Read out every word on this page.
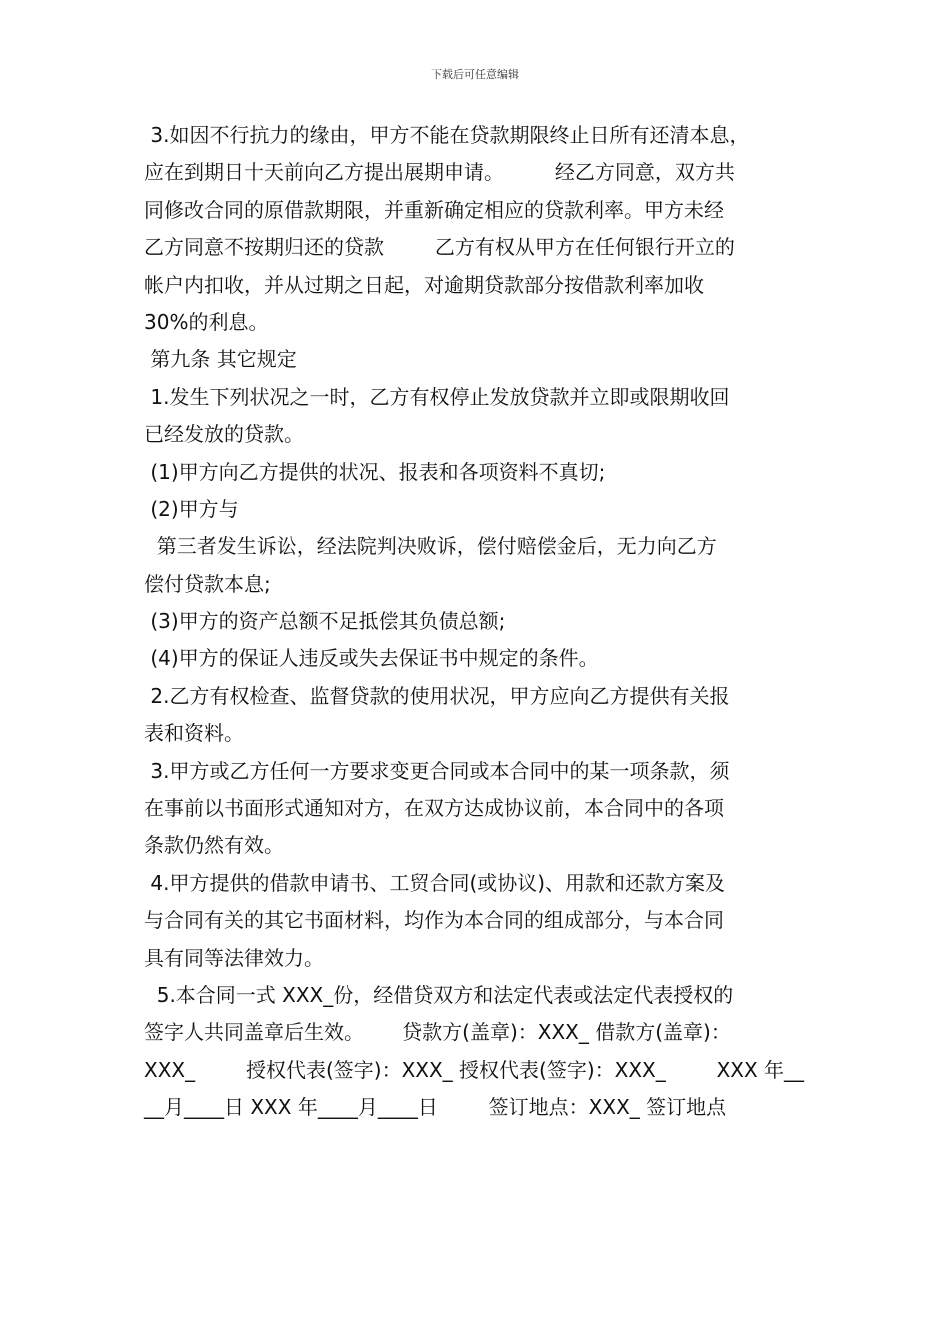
下载后可任意编辑
3.如因不行抗力的缘由，甲方不能在贷款期限终止日所有还清本息，
应在到期日十天前向乙方提出展期申请。        经乙方同意，双方共
同修改合同的原借款期限，并重新确定相应的贷款利率。甲方未经
乙方同意不按期归还的贷款        乙方有权从甲方在任何银行开立的
帐户内扣收，并从过期之日起，对逾期贷款部分按借款利率加收
30%的利息。
第九条 其它规定
1.发生下列状况之一时，乙方有权停止发放贷款并立即或限期收回
已经发放的贷款。
(1)甲方向乙方提供的状况、报表和各项资料不真切;
(2)甲方与
第三者发生诉讼，经法院判决败诉，偿付赔偿金后，无力向乙方
偿付贷款本息;
(3)甲方的资产总额不足抵偿其负债总额;
(4)甲方的保证人违反或失去保证书中规定的条件。
2.乙方有权检查、监督贷款的使用状况，甲方应向乙方提供有关报
表和资料。
3.甲方或乙方任何一方要求变更合同或本合同中的某一项条款，须
在事前以书面形式通知对方，在双方达成协议前，本合同中的各项
条款仍然有效。
4.甲方提供的借款申请书、工贸合同(或协议)、用款和还款方案及
与合同有关的其它书面材料，均作为本合同的组成部分，与本合同
具有同等法律效力。
5.本合同一式 XXX_份，经借贷双方和法定代表或法定代表授权的
签字人共同盖章后生效。      贷款方(盖章)：XXX_ 借款方(盖章)：
XXX_        授权代表(签字)：XXX_ 授权代表(签字)：XXX_        XXX 年__
__月____日 XXX 年____月____日        签订地点：XXX_ 签订地点
